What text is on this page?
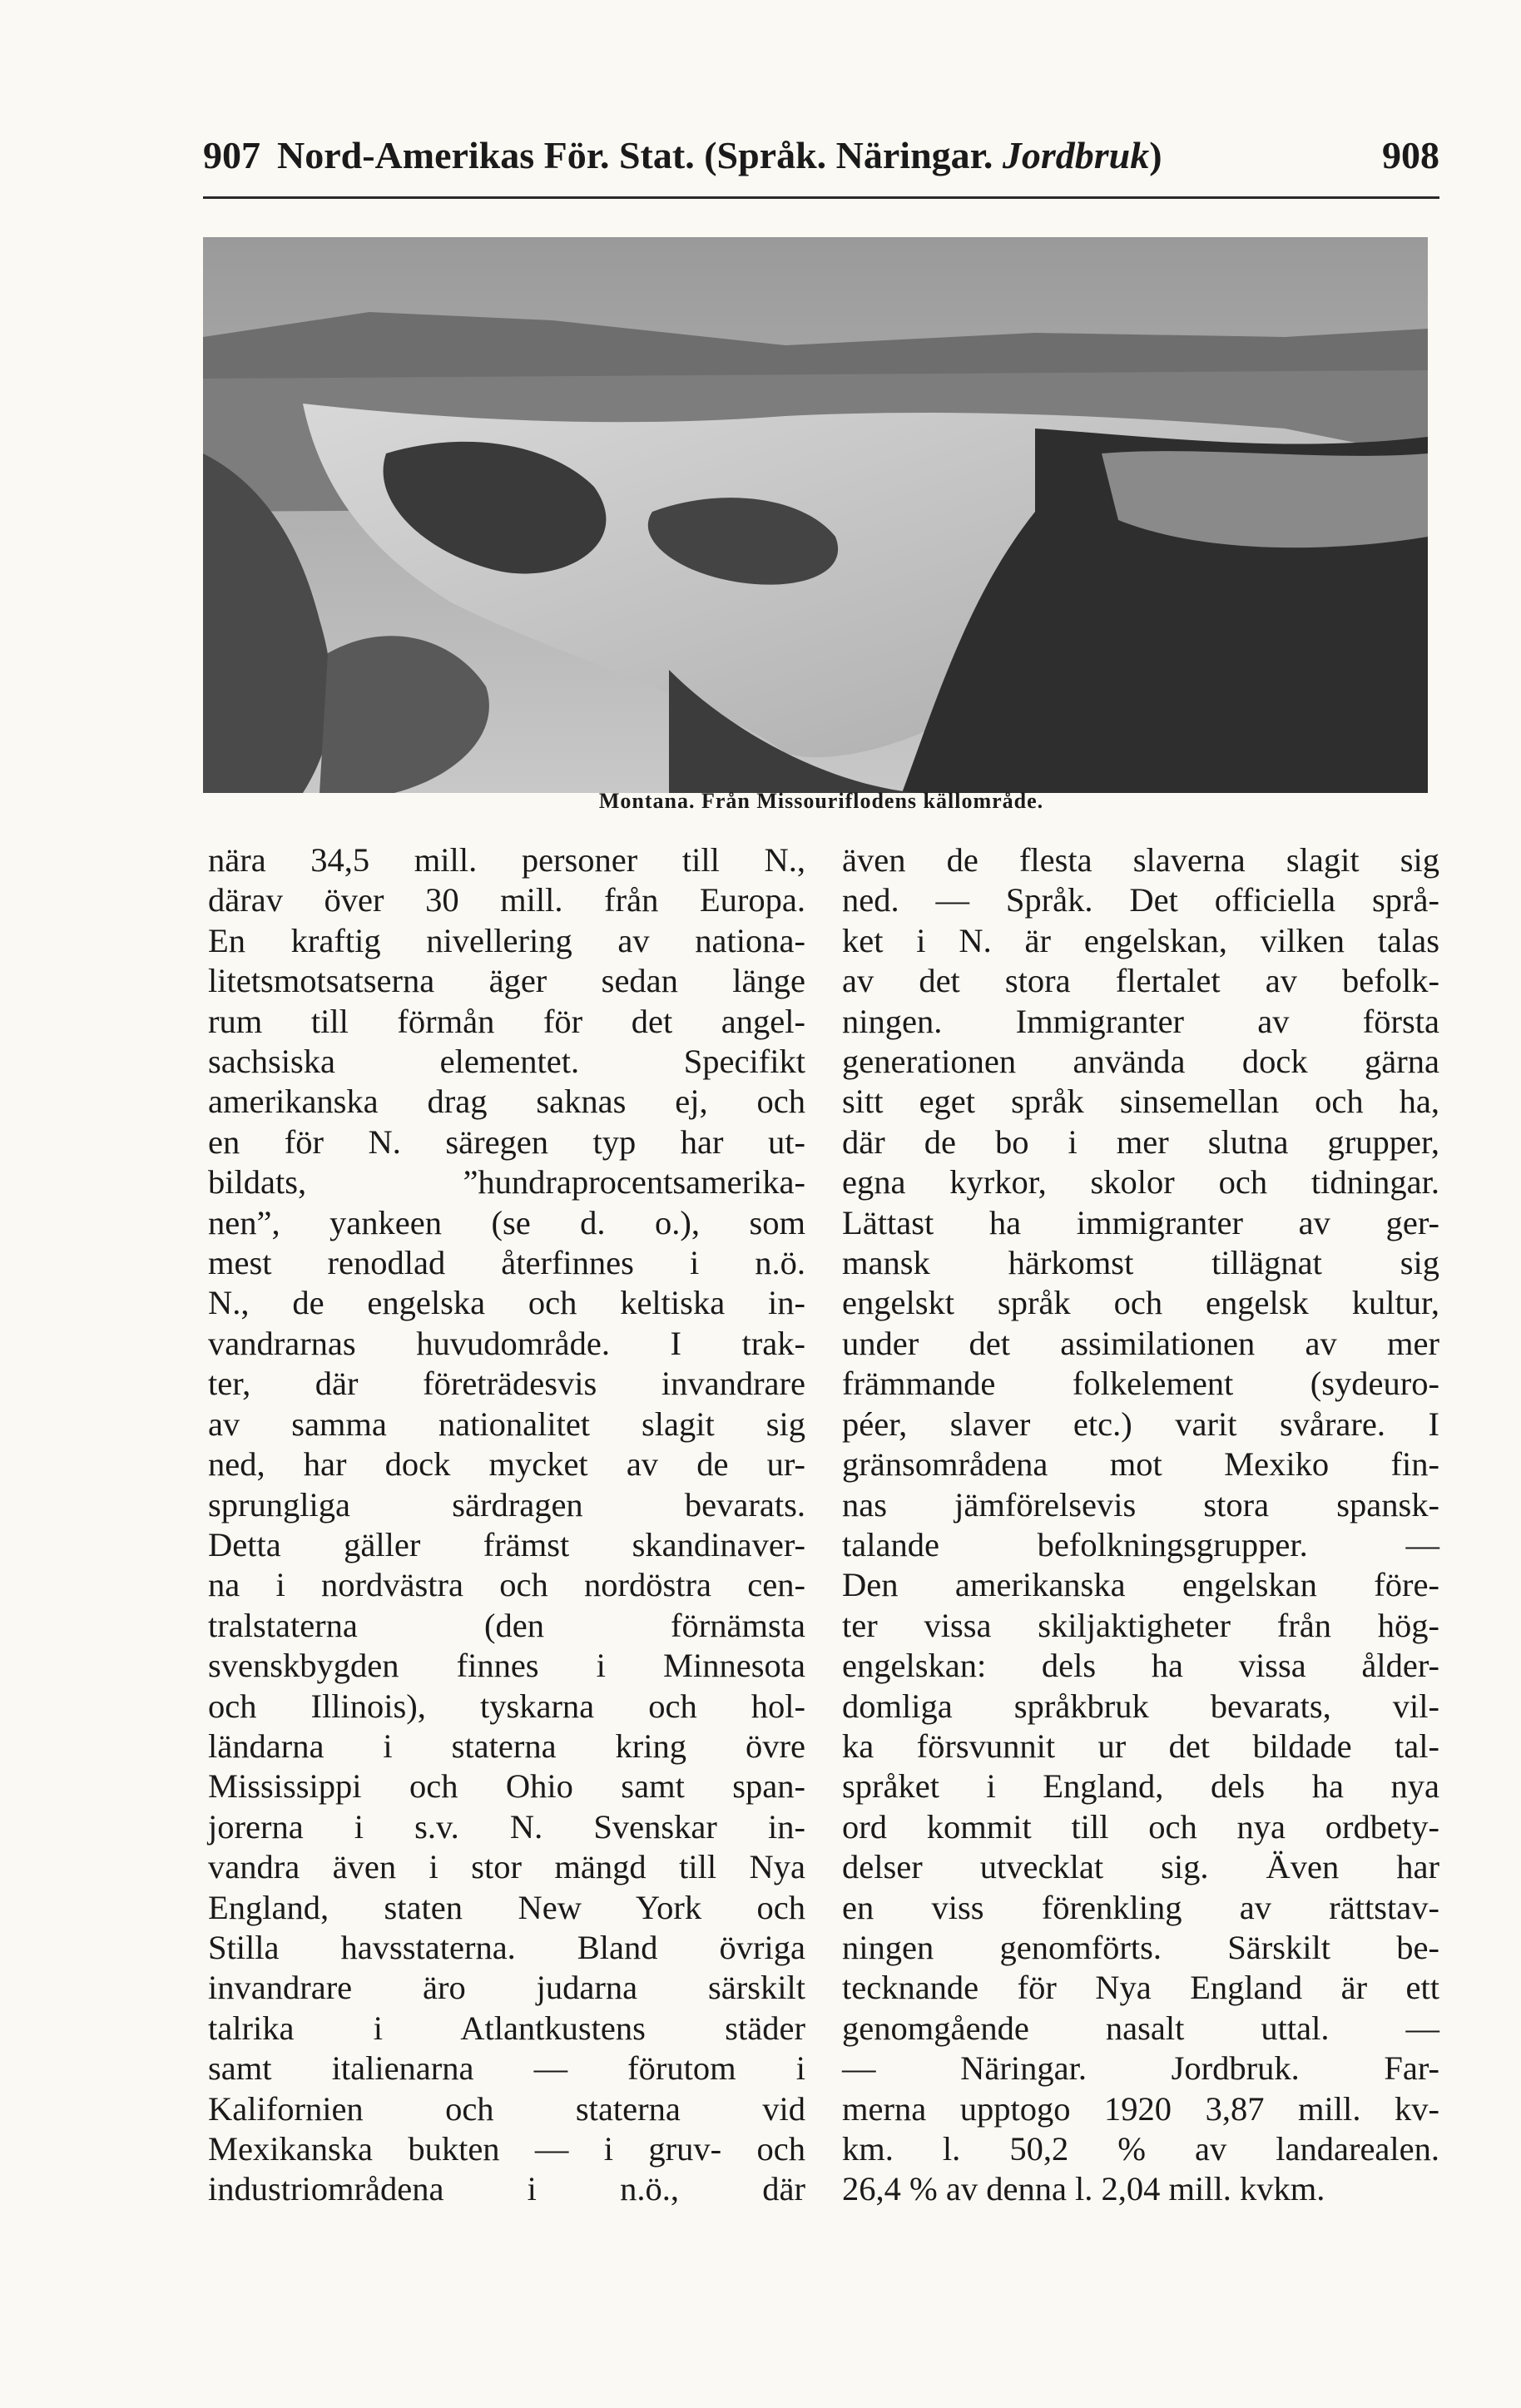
907 Nord-Amerikas För. Stat. (Språk. Näringar. Jordbruk)	908
Montana. Från Missouriflodens källområde.
nära 34,5 mill. personer till N.,
därav över 30 mill. från Europa.
En kraftig nivellering av nationa-
litetsmotsatserna äger sedan länge
rum till förmån för det angel-
sachsiska elementet. Specifikt
amerikanska drag saknas ej, och
en för N. säregen typ har ut-
bildats, ”hundraprocentsamerika-
nen”, yankeen (se d. o.), som
mest renodlad återfinnes i n.ö.
N., de engelska och keltiska in-
vandrarnas huvudområde. I trak-
ter, där företrädesvis invandrare
av samma nationalitet slagit sig
ned, har dock mycket av de ur-
sprungliga särdragen bevarats.
Detta gäller främst skandinaver-
na i nordvästra och nordöstra cen-
tralstaterna (den förnämsta
svenskbygden finnes i Minnesota
och Illinois), tyskarna och hol-
ländarna i staterna kring övre
Mississippi och Ohio samt span-
jorerna i s.v. N. Svenskar in-
vandra även i stor mängd till Nya
England, staten New York och
Stilla havsstaterna. Bland övriga
invandrare äro judarna särskilt
talrika i Atlantkustens städer
samt italienarna — förutom i
Kalifornien och staterna vid
Mexikanska bukten — i gruv- och
industriområdena i n.ö., där
även de flesta slaverna slagit sig
ned. — Språk. Det officiella språ-
ket i N. är engelskan, vilken talas
av det stora flertalet av befolk-
ningen. Immigranter av första
generationen använda dock gärna
sitt eget språk sinsemellan och ha,
där de bo i mer slutna grupper,
egna kyrkor, skolor och tidningar.
Lättast ha immigranter av ger-
mansk härkomst tillägnat sig
engelskt språk och engelsk kultur,
under det assimilationen av mer
främmande folkelement (sydeuro-
péer, slaver etc.) varit svårare. I
gränsområdena mot Mexiko fin-
nas jämförelsevis stora spansk-
talande befolkningsgrupper. —
Den amerikanska engelskan före-
ter vissa skiljaktigheter från hög-
engelskan: dels ha vissa ålder-
domliga språkbruk bevarats, vil-
ka försvunnit ur det bildade tal-
språket i England, dels ha nya
ord kommit till och nya ordbety-
delser utvecklat sig. Även har
en viss förenkling av rättstav-
ningen genomförts. Särskilt be-
tecknande för Nya England är ett
genomgående nasalt uttal. —
— Näringar. Jordbruk. Far-
merna upptogo 1920 3,87 mill. kv-
km. l. 50,2 % av landarealen.
26,4 % av denna l. 2,04 mill. kvkm.
